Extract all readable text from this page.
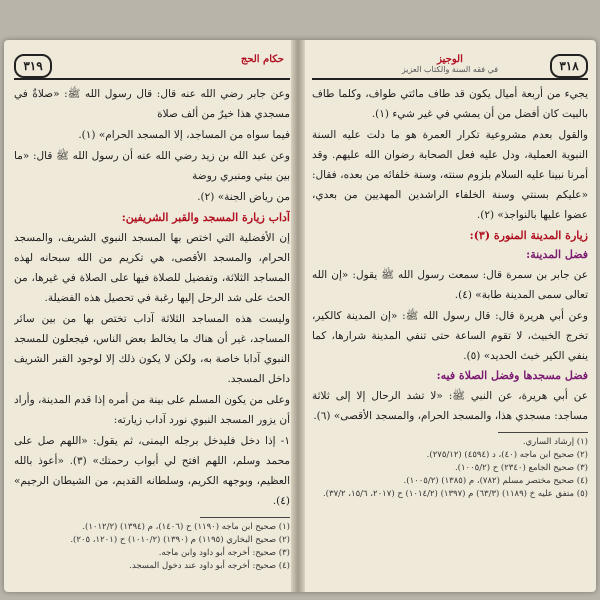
٣١٩	حكام الحج

وعن جابر رضي الله عنه قال: قال رسول الله ﷺ: «صلاةٌ في مسجدي هذا خيرٌ من ألف صلاة

فيما سواه من المساجد، إلا المسجد الحرام» (١).

وعن عبد الله بن زيد رضي الله عنه أن رسول الله ﷺ قال: «ما بين بيتي ومنبري روضة

من رياض الجنة» (٢).

آداب زيارة المسجد والقبر الشريفين:

إن الأفضلية التي اختص بها المسجد النبوي الشريف، والمسجد الحرام، والمسجد الأقصى، هي تكريم من الله سبحانه لهذه المساجد الثلاثة، وتفضيل للصلاة فيها على الصلاة في غيرها، من الحث على شد الرحل إليها رغبة في تحصيل هذه الفضيلة.

وليست هذه المساجد الثلاثة آداب تختص بها من بين سائر المساجد، غير أن هناك ما يخالط بعض الناس، فيجعلون للمسجد النبوي آدابا خاصة به، ولكن لا يكون ذلك إلا لوجود القبر الشريف داخل المسجد.

وعلى من يكون المسلم على بينة من أمره إذا قدم المدينة، وأراد أن يزور المسجد النبوي نورد آداب زيارته:

١- إذا دخل فليدخل برجله اليمنى، ثم يقول: «اللهم صل على محمد وسلم، اللهم افتح لي أبواب رحمتك» (٣). «أعوذ بالله العظيم، وبوجهه الكريم، وسلطانه القديم، من الشيطان الرجيم» (٤).

(١) صحيح ابن ماجه (١١٩٠) ح (١٤٠٦)، م (١٣٩٤) (١٠١٢/٢).

(٢) صحيح البخاري (١١٩٥) م (١٣٩٠) (١٠١٠/٢) ح (١٢٠١، ٢٠٥).

(٣) صحيح: أخرجه أبو داود وابن ماجه.

(٤) صحيح: أخرجه أبو داود عند دخول المسجد.

٣١٨
الوجيز
في فقه السنة والكتاب العزيز

يجيء من أربعة أميال يكون قد طاف مائتي طواف، وكلما طاف بالبيت كان أفضل من أن يمشي في غير شيء (١).

والقول بعدم مشروعية تكرار العمرة هو ما دلت عليه السنة النبوية العملية، ودل عليه فعل الصحابة رضوان الله عليهم. وقد أمرنا نبينا عليه السلام بلزوم سنته، وسنة خلفائه من بعده، فقال: «عليكم بسنتي وسنة الخلفاء الراشدين المهديين من بعدي، عضوا عليها بالنواجذ» (٢).

زيارة المدينة المنورة (٣):
فضل المدينة:

عن جابر بن سمرة قال: سمعت رسول الله ﷺ يقول: «إن الله تعالى سمى المدينة طابة» (٤).

وعن أبي هريرة قال: قال رسول الله ﷺ: «إن المدينة كالكير، تخرج الخبيث، لا تقوم الساعة حتى تنفي المدينة شرارها، كما ينفي الكير خبث الحديد» (٥).

فضل مسجدها وفضل الصلاة فيه:

عن أبي هريرة، عن النبي ﷺ: «لا تشد الرحال إلا إلى ثلاثة مساجد: مسجدي هذا، والمسجد الحرام، والمسجد الأقصى» (٦).

(١) إرشاد الساري.

(٢) صحيح ابن ماجه (٤٠)، د (٤٥٩٤) (٢٧٥/١٢).

(٣) صحيح الجامع (٢٣٤٠) ح (١٠٠٥/٢).

(٤) صحيح مختصر مسلم (٧٨٢)، م (١٣٨٥) (١٠٠٥/٢).

(٥) متفق عليه خ (١١٨٩) (٦٣/٣) م (١٣٩٧) (١٠١٤/٢) ح (٢٠١٧، ١٥/٦، ٣٧/٢).
